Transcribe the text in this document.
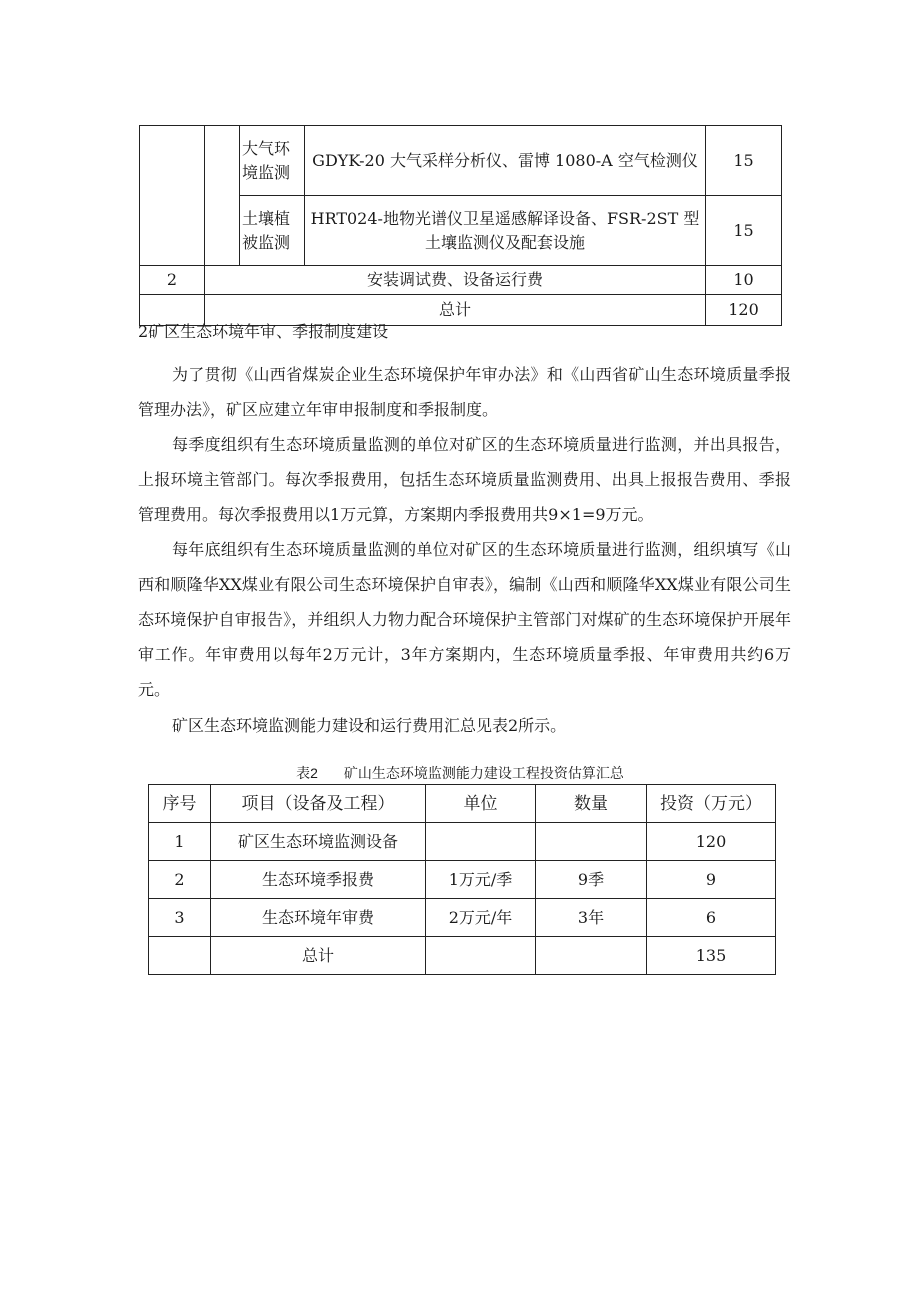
		大气环境监测	GDYK-20 大气采样分析仪、雷博 1080-A 空气检测仪	15
		土壤植被监测	HRT024-地物光谱仪卫星遥感解译设备、FSR-2ST 型土壤监测仪及配套设施	15
2	安装调试费、设备运行费			10
	总计			120
2矿区生态环境年审、季报制度建设

为了贯彻《山西省煤炭企业生态环境保护年审办法》和《山西省矿山生态环境质量季报管理办法》，矿区应建立年审申报制度和季报制度。

每季度组织有生态环境质量监测的单位对矿区的生态环境质量进行监测，并出具报告，上报环境主管部门。每次季报费用，包括生态环境质量监测费用、出具上报报告费用、季报管理费用。每次季报费用以1万元算，方案期内季报费用共9×1=9万元。

每年底组织有生态环境质量监测的单位对矿区的生态环境质量进行监测，组织填写《山西和顺隆华XX煤业有限公司生态环境保护自审表》，编制《山西和顺隆华XX煤业有限公司生态环境保护自审报告》，并组织人力物力配合环境保护主管部门对煤矿的生态环境保护开展年审工作。年审费用以每年2万元计，3年方案期内，生态环境质量季报、年审费用共约6万元。

矿区生态环境监测能力建设和运行费用汇总见表2所示。

表2 矿山生态环境监测能力建设工程投资估算汇总
序号	项目（设备及工程）	单位	数量	投资（万元）
1	矿区生态环境监测设备			120
2	生态环境季报费	1万元/季	9季	9
3	生态环境年审费	2万元/年	3年	6
	总计			135
